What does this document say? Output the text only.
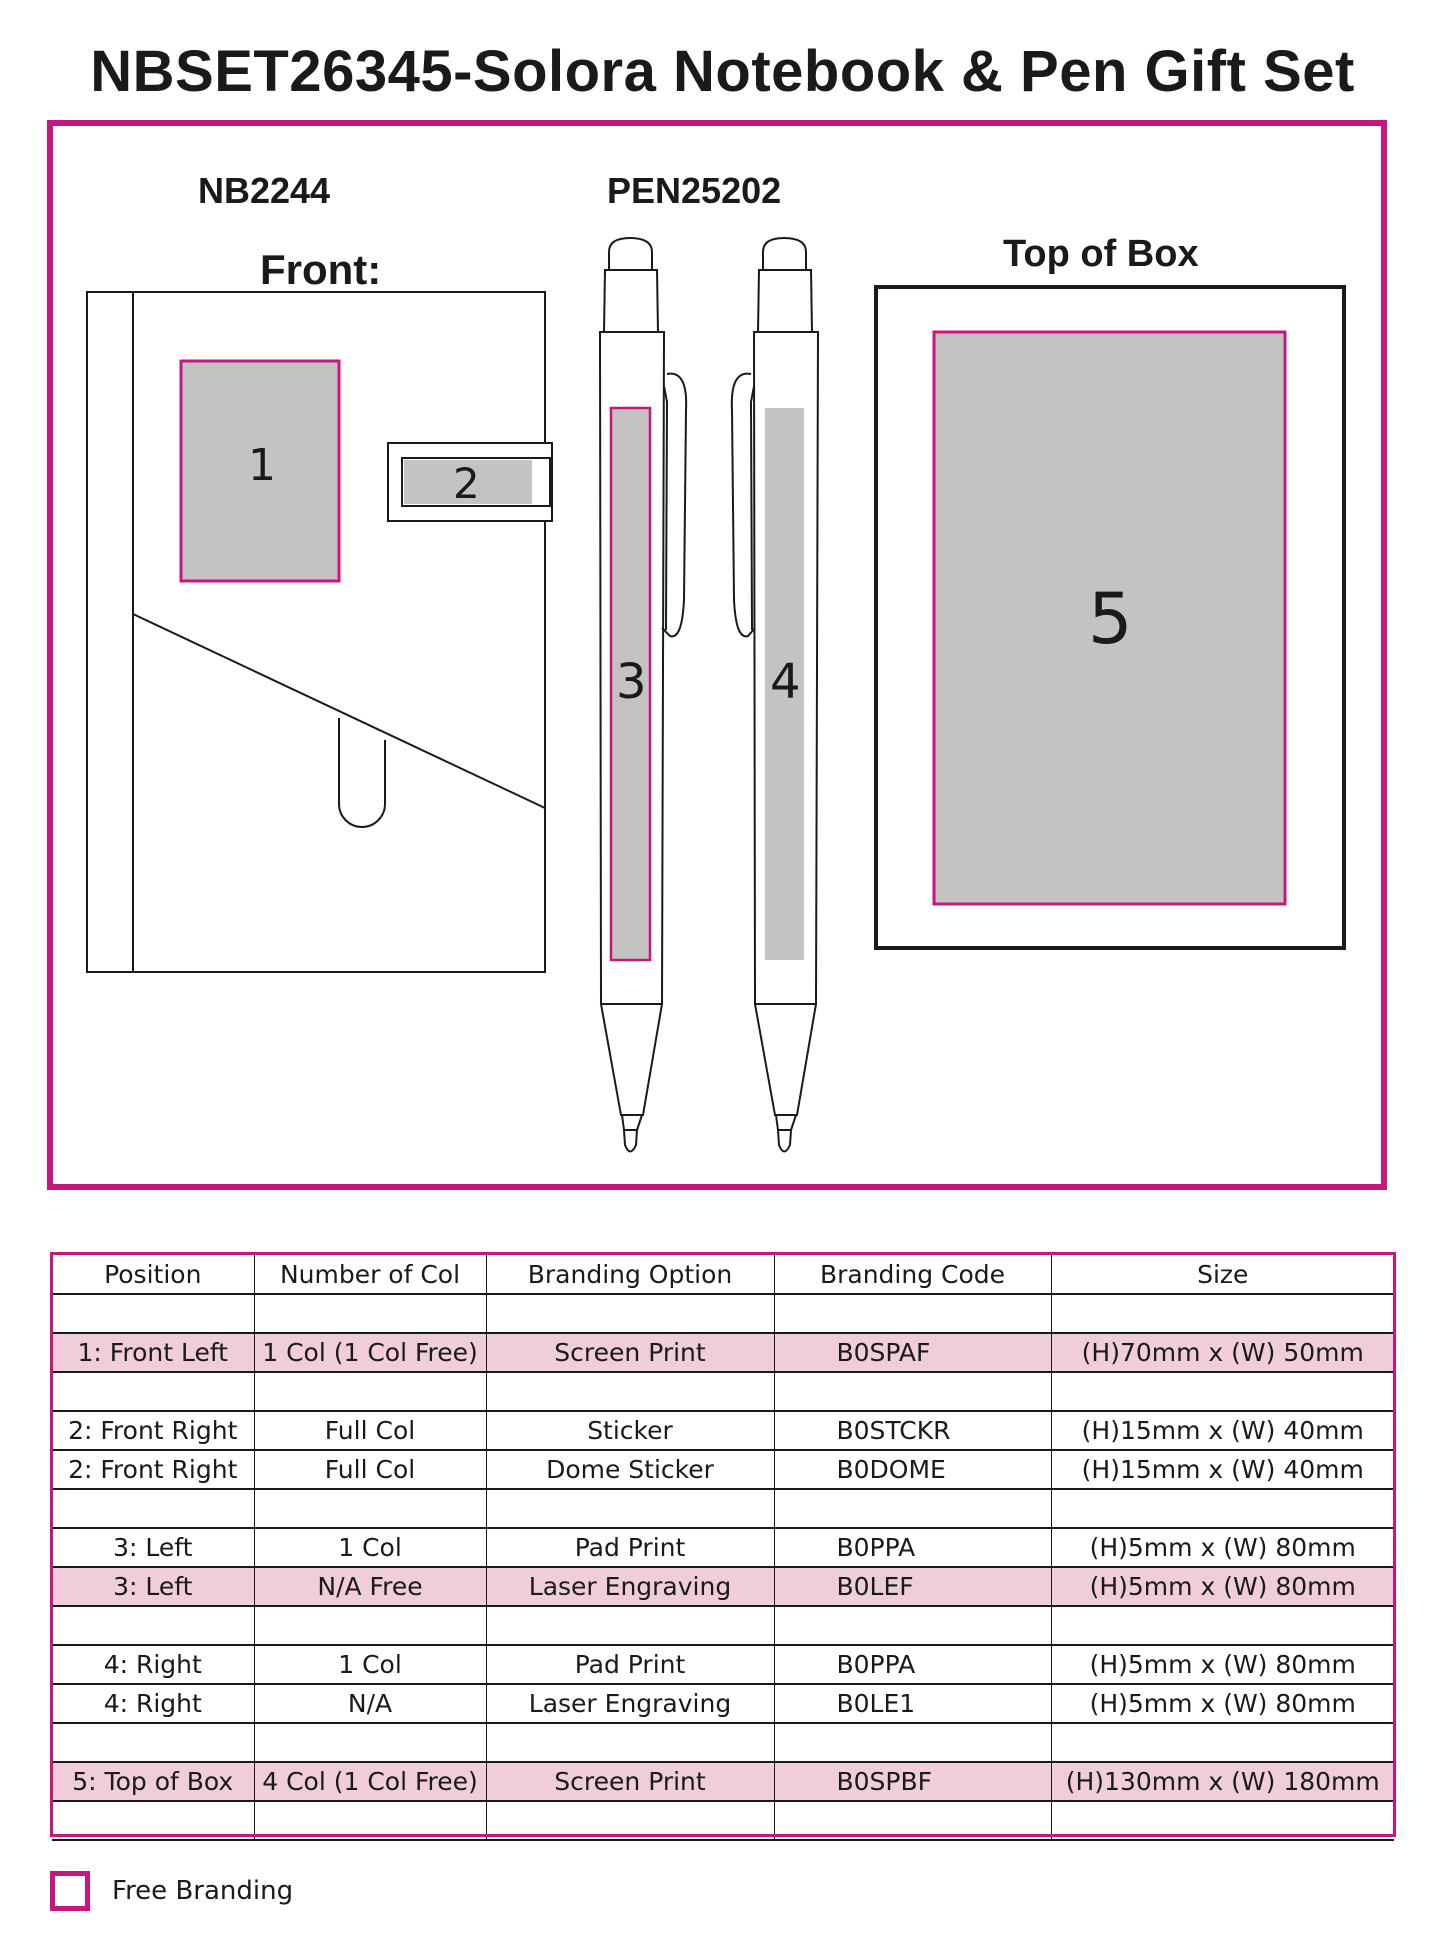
NBSET26345-Solora Notebook & Pen Gift Set
NB2244
Front:
PEN25202
Top of Box
1	2
3	4
5
Position	Number of Col	Branding Option	Branding Code	Size

1: Front Left	1 Col (1 Col Free)	Screen Print	B0SPAF	(H)70mm x (W) 50mm

2: Front Right	Full Col	Sticker	B0STCKR	(H)15mm x (W) 40mm
2: Front Right	Full Col	Dome Sticker	B0DOME	(H)15mm x (W) 40mm

3: Left	1 Col	Pad Print	B0PPA	(H)5mm x (W) 80mm
3: Left	N/A Free	Laser Engraving	B0LEF	(H)5mm x (W) 80mm

4: Right	1 Col	Pad Print	B0PPA	(H)5mm x (W) 80mm
4: Right	N/A	Laser Engraving	B0LE1	(H)5mm x (W) 80mm

5: Top of Box	4 Col (1 Col Free)	Screen Print	B0SPBF	(H)130mm x (W) 180mm

Free Branding
